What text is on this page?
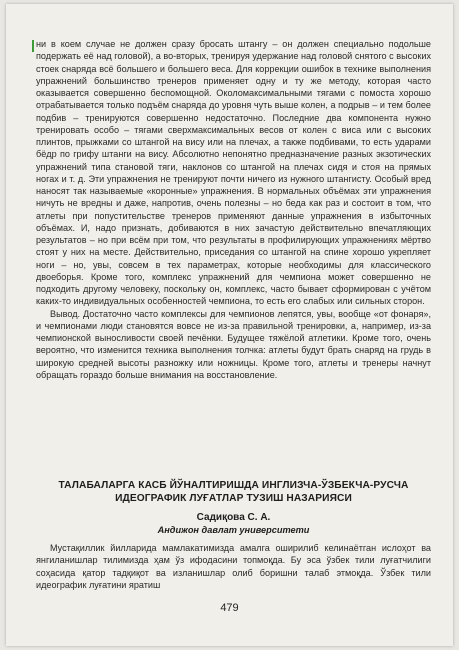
ни в коем случае не должен сразу бросать штангу – он должен специально подольше подержать её над головой), а во-вторых, тренируя удержание над головой снятого с высоких стоек снаряда всё большего и большего веса. Для коррекции ошибок в технике выполнения упражнений большинство тренеров применяет одну и ту же методу, которая часто оказывается совершенно беспомощной. Околомаксимальными тягами с помоста хорошо отрабатывается только подъём снаряда до уровня чуть выше колен, а подрыв – и тем более подбив – тренируются совершенно недостаточно. Последние два компонента нужно тренировать особо – тягами сверхмаксимальных весов от колен с виса или с высоких плинтов, прыжками со штангой на вису или на плечах, а также подбивами, то есть ударами бёдр по грифу штанги на вису. Абсолютно непонятно предназначение разных экзотических упражнений типа становой тяги, наклонов со штангой на плечах сидя и стоя на прямых ногах и т. д. Эти упражнения не тренируют почти ничего из нужного штангисту. Особый вред наносят так называемые «коронные» упражнения. В нормальных объёмах эти упражнения ничуть не вредны и даже, напротив, очень полезны – но беда как раз и состоит в том, что атлеты при попустительстве тренеров применяют данные упражнения в избыточных объёмах. И, надо признать, добиваются в них зачастую действительно впечатляющих результатов – но при всём при том, что результаты в профилирующих упражнениях мёртво стоят у них на месте. Действительно, приседания со штангой на спине хорошо укрепляет ноги – но, увы, совсем в тех параметрах, которые необходимы для классического двоеборья. Кроме того, комплекс упражнений для чемпиона может совершенно не подходить другому человеку, поскольку он, комплекс, часто бывает сформирован с учётом каких-то индивидуальных особенностей чемпиона, то есть его слабых или сильных сторон.

Вывод. Достаточно часто комплексы для чемпионов лепятся, увы, вообще «от фонаря», и чемпионами люди становятся вовсе не из-за правильной тренировки, а, например, из-за чемпионской выносливости своей печёнки. Будущее тяжёлой атлетики. Кроме того, очень вероятно, что изменится техника выполнения толчка: атлеты будут брать снаряд на грудь в широкую средней высоты разножку или ножницы. Кроме того, атлеты и тренеры начнут обращать гораздо больше внимания на восстановление.

ТАЛАБАЛАРГА КАСБ ЙЎНАЛТИРИШДА ИНГЛИЗЧА-ЎЗБЕКЧА-РУСЧА ИДЕОГРАФИК ЛУҒАТЛАР ТУЗИШ НАЗАРИЯСИ
Садиқова С. А.
Андижон давлат университети

Мустақиллик йилларида мамлакатимизда амалга оширилиб келинаётган ислоҳот ва янгиланишлар тилимизда ҳам ўз ифодасини топмоқда. Бу эса ўзбек тили луғатчилиги соҳасида қатор тадқиқот ва изланишлар олиб боришни талаб этмоқда. Ўзбек тили идеографик луғатини яратиш

479
